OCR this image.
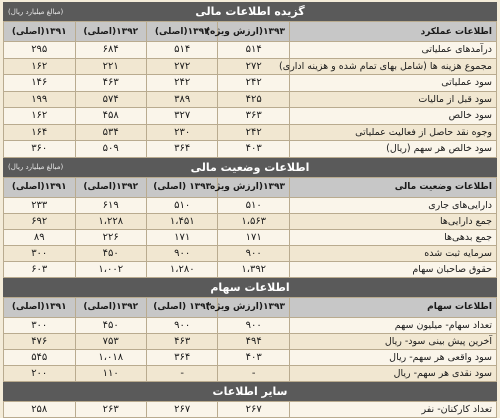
گزیده اطلاعات مالی
(مبالغ میلیارد ریال)
اطلاعات عملکرد	۱۳۹۳(ارزش ویژه)	۱۳۹۳(اصلی)	۱۳۹۲(اصلی)	۱۳۹۱(اصلی)
درآمدهای عملیاتی	۵۱۴	۵۱۴	۶۸۴	۲۹۵
مجموع هزینه ها (شامل بهای تمام شده و هزینه اداری)	۲۷۲	۲۷۲	۲۲۱	۱۶۲
سود عملیاتی	۲۴۲	۲۴۲	۴۶۳	۱۴۶
سود قبل از مالیات	۴۲۵	۳۸۹	۵۷۴	۱۹۹
سود خالص	۳۶۳	۳۲۷	۴۵۸	۱۶۲
وجوه نقد حاصل از فعالیت عملیاتی	۲۴۲	۲۳۰	۵۳۴	۱۶۴
سود خالص هر سهم (ریال)	۴۰۳	۳۶۴	۵۰۹	۳۶۰
اطلاعات وضعیت مالی
(مبالغ میلیارد ریال)
اطلاعات وضعیت مالی	۱۳۹۳(ارزش ویژه	۱۳۹۳ (اصلی)	۱۳۹۲(اصلی)	۱۳۹۱(اصلی)
دارایی‌های جاری	۵۱۰	۵۱۰	۶۱۹	۲۳۳
جمع دارایی‌ها	۱،۵۶۳	۱،۴۵۱	۱،۲۲۸	۶۹۲
جمع بدهی‌ها	۱۷۱	۱۷۱	۲۲۶	۸۹
سرمایه ثبت شده	۹۰۰	۹۰۰	۴۵۰	۳۰۰
حقوق صاحبان سهام	۱،۳۹۲	۱،۲۸۰	۱،۰۰۲	۶۰۳
اطلاعات سهام
اطلاعات سهام	۱۳۹۳(ارزش ویژه)	۱۳۹۳ (اصلی)	۱۳۹۲(اصلی)	۱۳۹۱(اصلی)
تعداد سهام- میلیون سهم	۹۰۰	۹۰۰	۴۵۰	۳۰۰
آخرین پیش بینی سود- ریال	۴۹۴	۴۶۳	۷۵۳	۴۷۶
سود واقعی هر سهم- ریال	۴۰۳	۳۶۴	۱،۰۱۸	۵۴۵
سود نقدی هر سهم- ریال	-	-	۱۱۰	۲۰۰
سایر اطلاعات
تعداد کارکنان- نفر	۲۶۷	۲۶۷	۲۶۳	۲۵۸
